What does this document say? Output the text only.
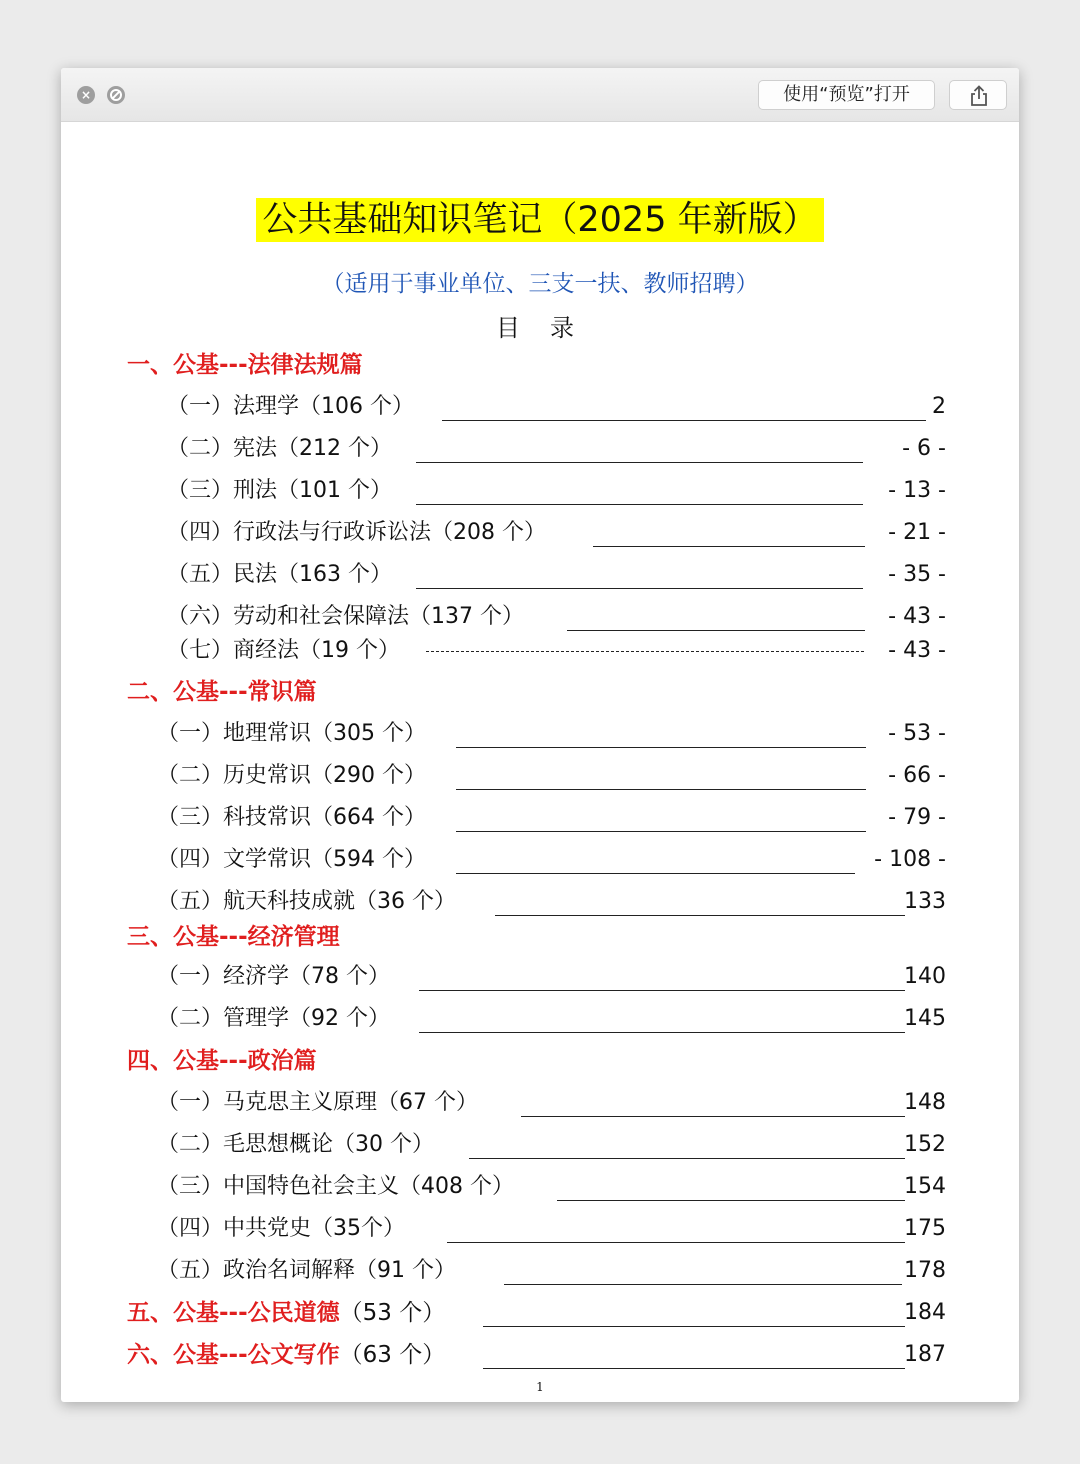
×	使用“预览”打开
公共基础知识笔记（2025 年新版）
（适用于事业单位、三支一扶、教师招聘）
目录
一、公基---法律法规篇
（一）法理学（106 个）	2
（二）宪法（212 个）	- 6 -
（三）刑法（101 个）	- 13 -
（四）行政法与行政诉讼法（208 个）	- 21 -
（五）民法（163 个）	- 35 -
（六）劳动和社会保障法（137 个）	- 43 -
（七）商经法（19 个）	- 43 -
二、公基---常识篇
（一）地理常识（305 个）	- 53 -
（二）历史常识（290 个）	- 66 -
（三）科技常识（664 个）	- 79 -
（四）文学常识（594 个）	- 108 -
（五）航天科技成就（36 个）	133
三、公基---经济管理
（一）经济学（78 个）	140
（二）管理学（92 个）	145
四、公基---政治篇
（一）马克思主义原理（67 个）	148
（二）毛思想概论（30 个）	152
（三）中国特色社会主义（408 个）	154
（四）中共党史（35个）	175
（五）政治名词解释（91 个）	178
五、公基---公民道德（53 个）	184
六、公基---公文写作（63 个）	187
1
